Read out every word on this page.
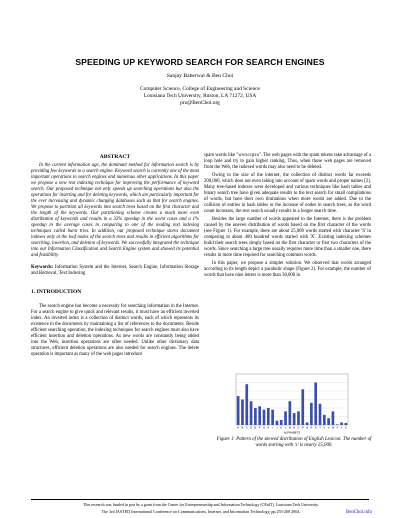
SPEEDING UP KEYWORD SEARCH FOR SEARCH ENGINES
Sanjay Baberwal & Ben Choi
Computer Science, College of Engineering and Science
Louisiana Tech University, Ruston, LA 71272, USA
pro@BenChoi.org

ABSTRACT

In the current information age, the dominant method for information search is by providing few keywords to a search engine. Keyword search is currently one of the most important operations in search engines and numerous other applications. In this paper we propose a new text indexing technique for improving the performance of keyword search. Our proposed technique not only speeds up searching operations but also the operations for inserting and for deleting keywords, which are particularly important for the ever increasing and dynamic changing databases such as that for search engines. We propose to partition all keywords into search trees based on the first character and the length of the keywords. Our partitioning scheme creates a much more even distribution of keywords and results in a 32% speedup in the worst cases and a 1% speedup in the average cases in comparing to one of the leading text indexing techniques called burst tries. In addition, our proposed technique stores document indexes only at the leaf nodes of the search trees and results in efficient algorithms for searching, insertion, and deletion of keywords. We successfully integrated the technique into our Information Classification and Search Engine system and showed its potential and feasibility.

Keywords: Information System and the Internet, Search Engine, Information Storage and Retrieval, Text Indexing

1. INTRODUCTION

The search engine has become a necessity for searching information in the Internet. For a search engine to give quick and relevant results, it must have an efficient inverted index. An inverted index is a collection of distinct words, each of which represents its existence in the documents by maintaining a list of references to the documents. Beside efficient searching operation, the indexing techniques for search engines must also have efficient insertion and deletion operations. As new words are constantly being added into the Web, insertion operations are often needed. Unlike other dictionary data structures, efficient deletion operations are also needed for search engines. The delete operation is important as many of the web pages introduce

spam words like "wwxccpxu". The web pages with the spam tokens take advantage of a loop hole and try to gain higher ranking. Thus, when those web pages are removed from the Web, the indexed words may also need to be deleted.

Owing to the size of the internet, the collection of distinct words far exceeds 200,000, which does not even taking into account of spam words and proper names [2]. Many tree-based indexes were developed and various techniques like hash tables and binary search tree have given adequate results to the text search for small compilations of words, but have their own limitations when more words are added. Due to the collision of entries in hash tables or the increase of nodes in search trees, as the word count increases, the text search usually results in a longer search time.

Besides the large number of words appeared in the Internet, there is the problem caused by the uneven distribution of words based on the first character of the words (see Figure 1). For example, there are about 25,000 words started with character 'S' in comparing to about 400 hundred words started with 'X'. Existing indexing schemes build their search trees simply based on the first character or first two characters of the words. Since searching a large tree usually requires more time than a smaller one, there results in more time required for searching common words.

In this paper, we propose a simpler solution. We observed that words arranged according to its length depict a parabolic shape (Figure 2). For example, the number of words that have nine letters is more than 30,000 in

A B C D E F G H I J K L M N O P Q R S T U V W X Y Z
ALPHABETS
Figure 1: Pattern of the skewed distribution of English Lexicon. The number of words starting with 's' is nearly 25,000.
This research was funded in part by a grant from the Center for Entrepreneurship and Information Technology (CEnIT), Louisiana Tech University.
The 3rd IASTED International Conference on Communications, Internet, and Information Technology, pp.255-260 2004.	BenChoi.info
